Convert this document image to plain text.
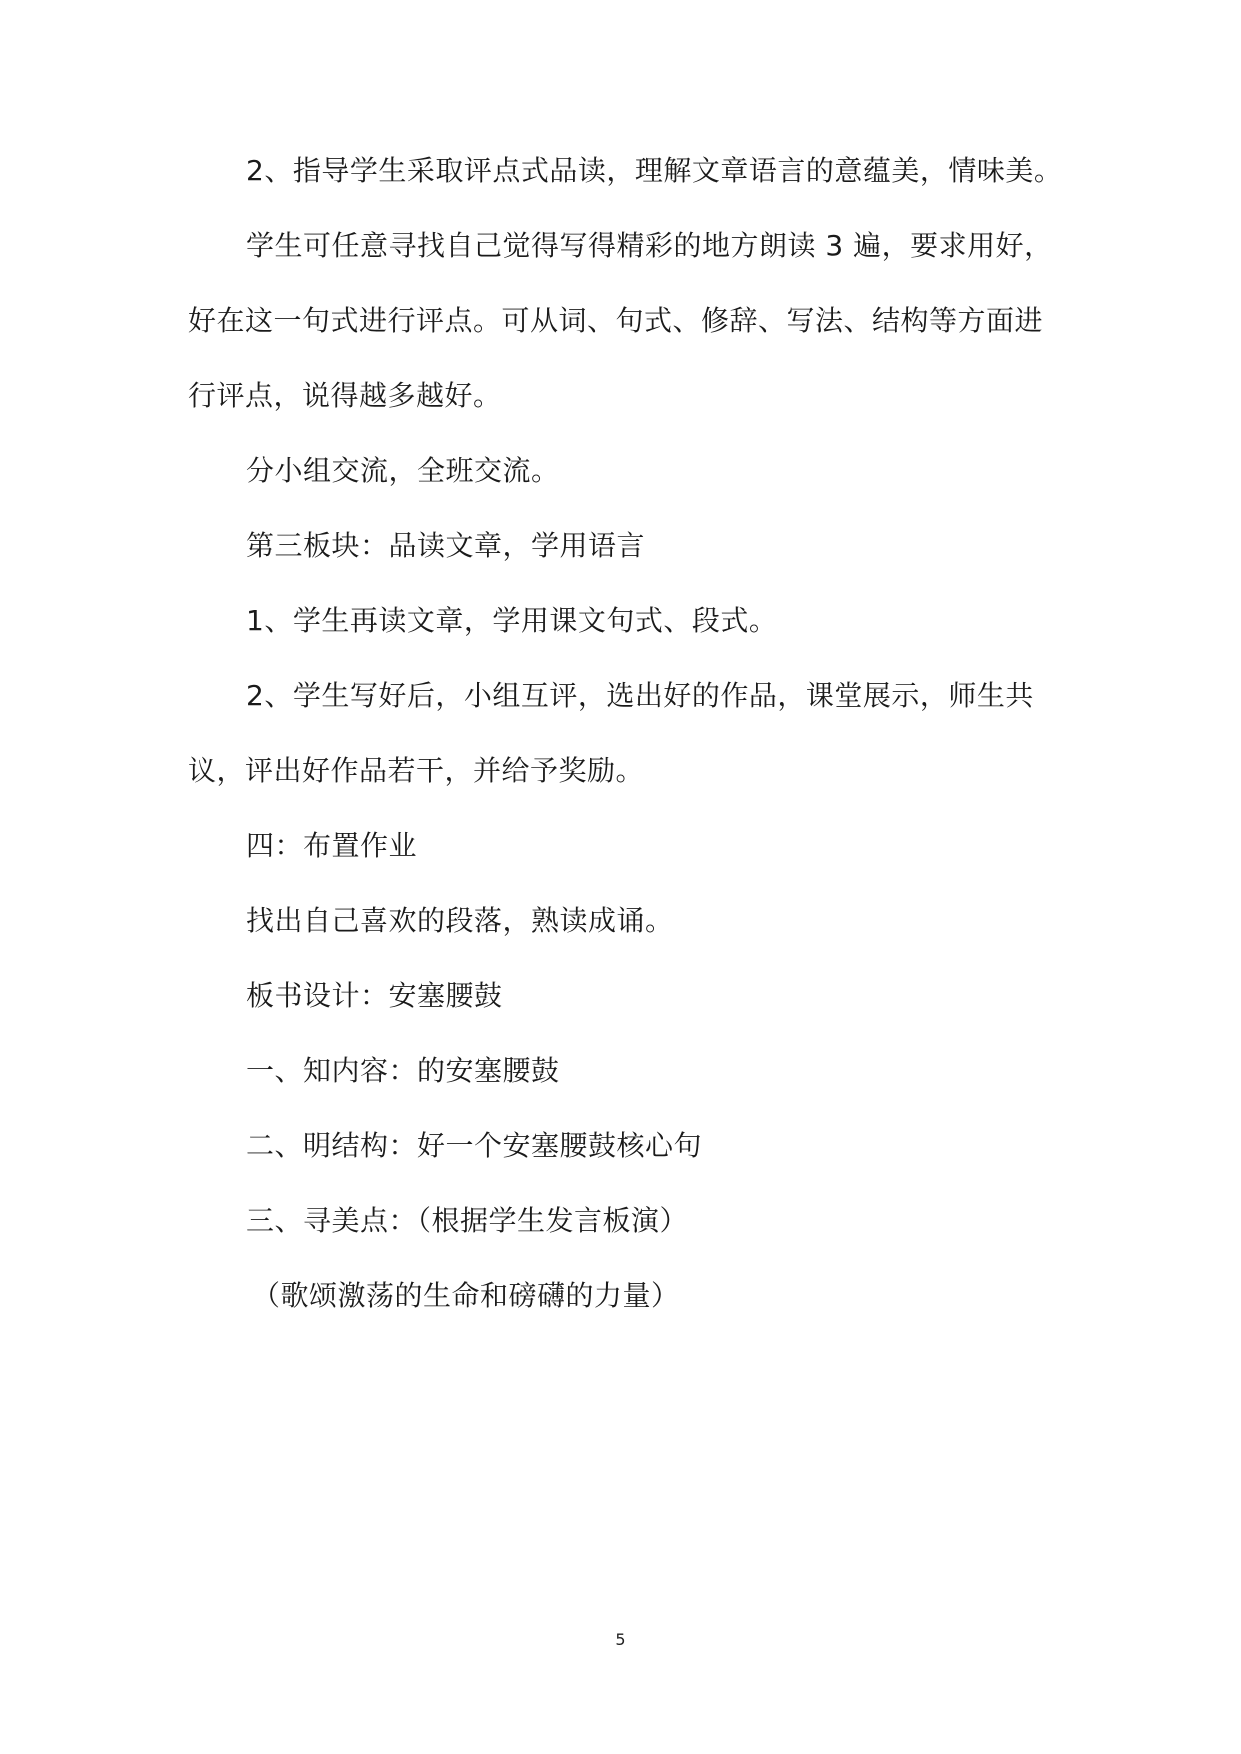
2、指导学生采取评点式品读，理解文章语言的意蕴美，情味美。
学生可任意寻找自己觉得写得精彩的地方朗读 3 遍，要求用好，
好在这一句式进行评点。可从词、句式、修辞、写法、结构等方面进
行评点，说得越多越好。
分小组交流，全班交流。
第三板块：品读文章，学用语言
1、学生再读文章，学用课文句式、段式。
2、学生写好后，小组互评，选出好的作品，课堂展示，师生共
议，评出好作品若干，并给予奖励。
四：布置作业
找出自己喜欢的段落，熟读成诵。
板书设计：安塞腰鼓
一、知内容：的安塞腰鼓
二、明结构：好一个安塞腰鼓核心句
三、寻美点：（根据学生发言板演）
（歌颂激荡的生命和磅礴的力量）
5
